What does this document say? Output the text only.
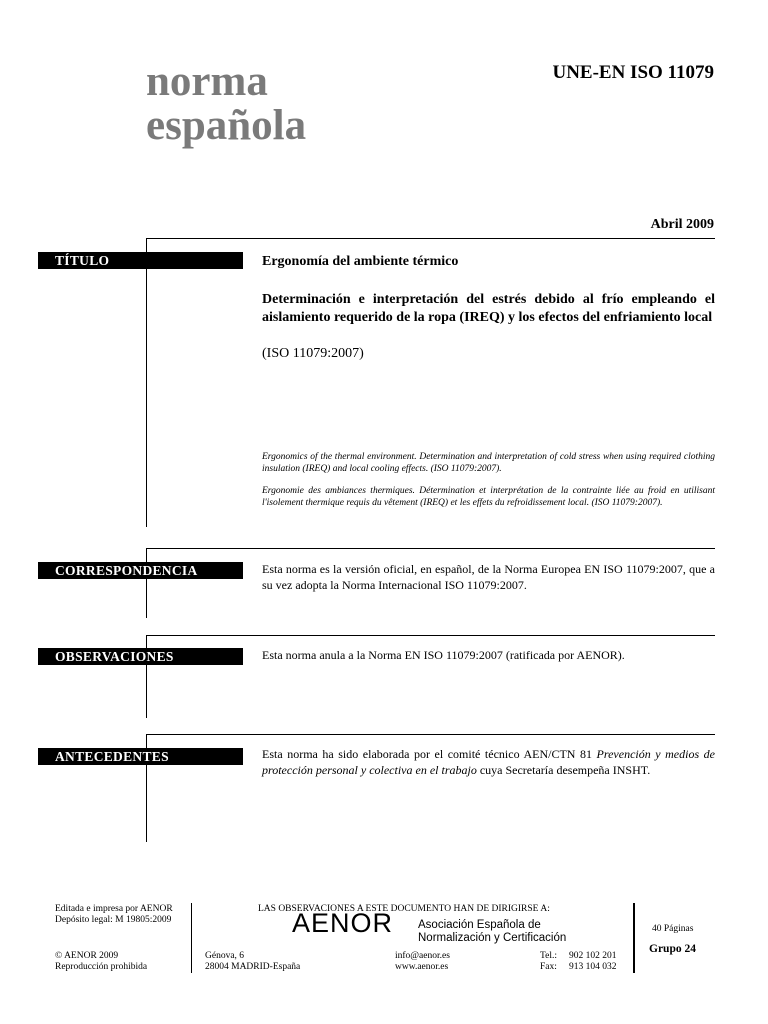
norma
española
UNE-EN ISO 11079
Abril 2009
TÍTULO	Ergonomía del ambiente térmico
Determinación e interpretación del estrés debido al frío empleando el aislamiento requerido de la ropa (IREQ) y los efectos del enfriamiento local
(ISO 11079:2007)
Ergonomics of the thermal environment. Determination and interpretation of cold stress when using required clothing insulation (IREQ) and local cooling effects. (ISO 11079:2007).
Ergonomie des ambiances thermiques. Détermination et interprétation de la contrainte liée au froid en utilisant l'isolement thermique requis du vêtement (IREQ) et les effets du refroidissement local. (ISO 11079:2007).
CORRESPONDENCIA	Esta norma es la versión oficial, en español, de la Norma Europea EN ISO 11079:2007, que a su vez adopta la Norma Internacional ISO 11079:2007.
OBSERVACIONES	Esta norma anula a la Norma EN ISO 11079:2007 (ratificada por AENOR).
ANTECEDENTES	Esta norma ha sido elaborada por el comité técnico AEN/CTN 81 Prevención y medios de protección personal y colectiva en el trabajo cuya Secretaría desempeña INSHT.
Editada e impresa por AENOR
Depósito legal: M 19805:2009
© AENOR 2009
Reproducción prohibida
LAS OBSERVACIONES A ESTE DOCUMENTO HAN DE DIRIGIRSE A:
AENOR Asociación Española de
Normalización y Certificación
Génova, 6
28004 MADRID-España
info@aenor.es
www.aenor.es
Tel.: 902 102 201
Fax: 913 104 032
40 Páginas
Grupo 24
